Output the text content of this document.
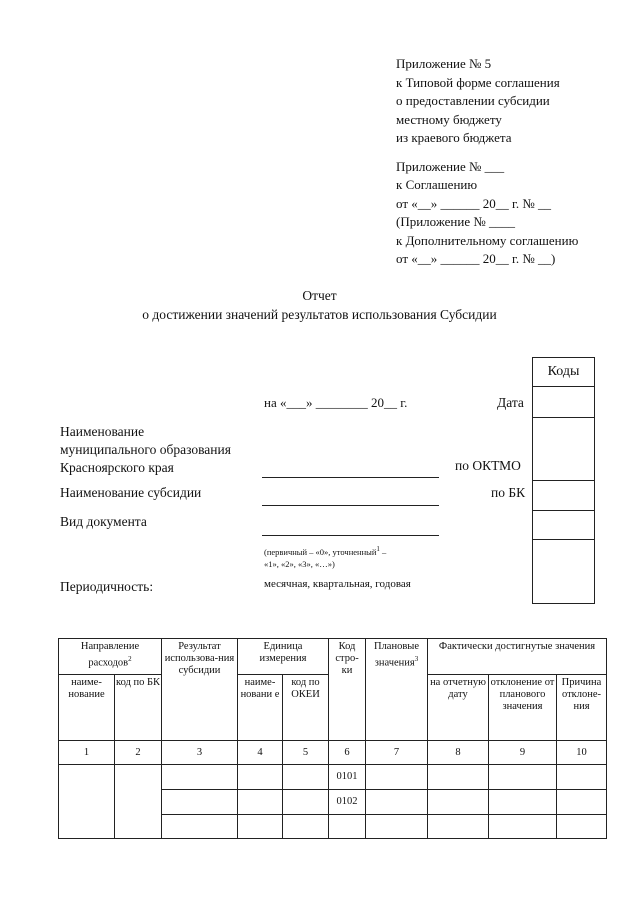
Приложение № 5
к Типовой форме соглашения
о предоставлении субсидии
местному бюджету
из краевого бюджета
Приложение № ___
к Соглашению
от «__» ______ 20__ г. № __
(Приложение № ____
к Дополнительному соглашению
от «__» ______ 20__ г. № __)
Отчет
о достижении значений результатов использования Субсидии
на «___» ________ 20__ г.	Дата
Наименование
муниципального образования
Красноярского края	по ОКТМО
Наименование субсидии	по БК
Вид документа
(первичный – «0», уточненный$^1$ –
«1», «2», «3», «…»)
Периодичность:	месячная, квартальная, годовая
Коды
Направление расходов$^2$		Результат использова-ния субсидии	Единица измерения		Код стро-ки	Плановые значения$^3$	Фактически достигнутые значения		
наиме-нование	код по БК		наиме-новани е	код по ОКЕИ			на отчетную дату	отклонение от планового значения	Причина отклоне-ния
1	2	3	4	5	6	7	8	9	10
					0101				
					0102				
